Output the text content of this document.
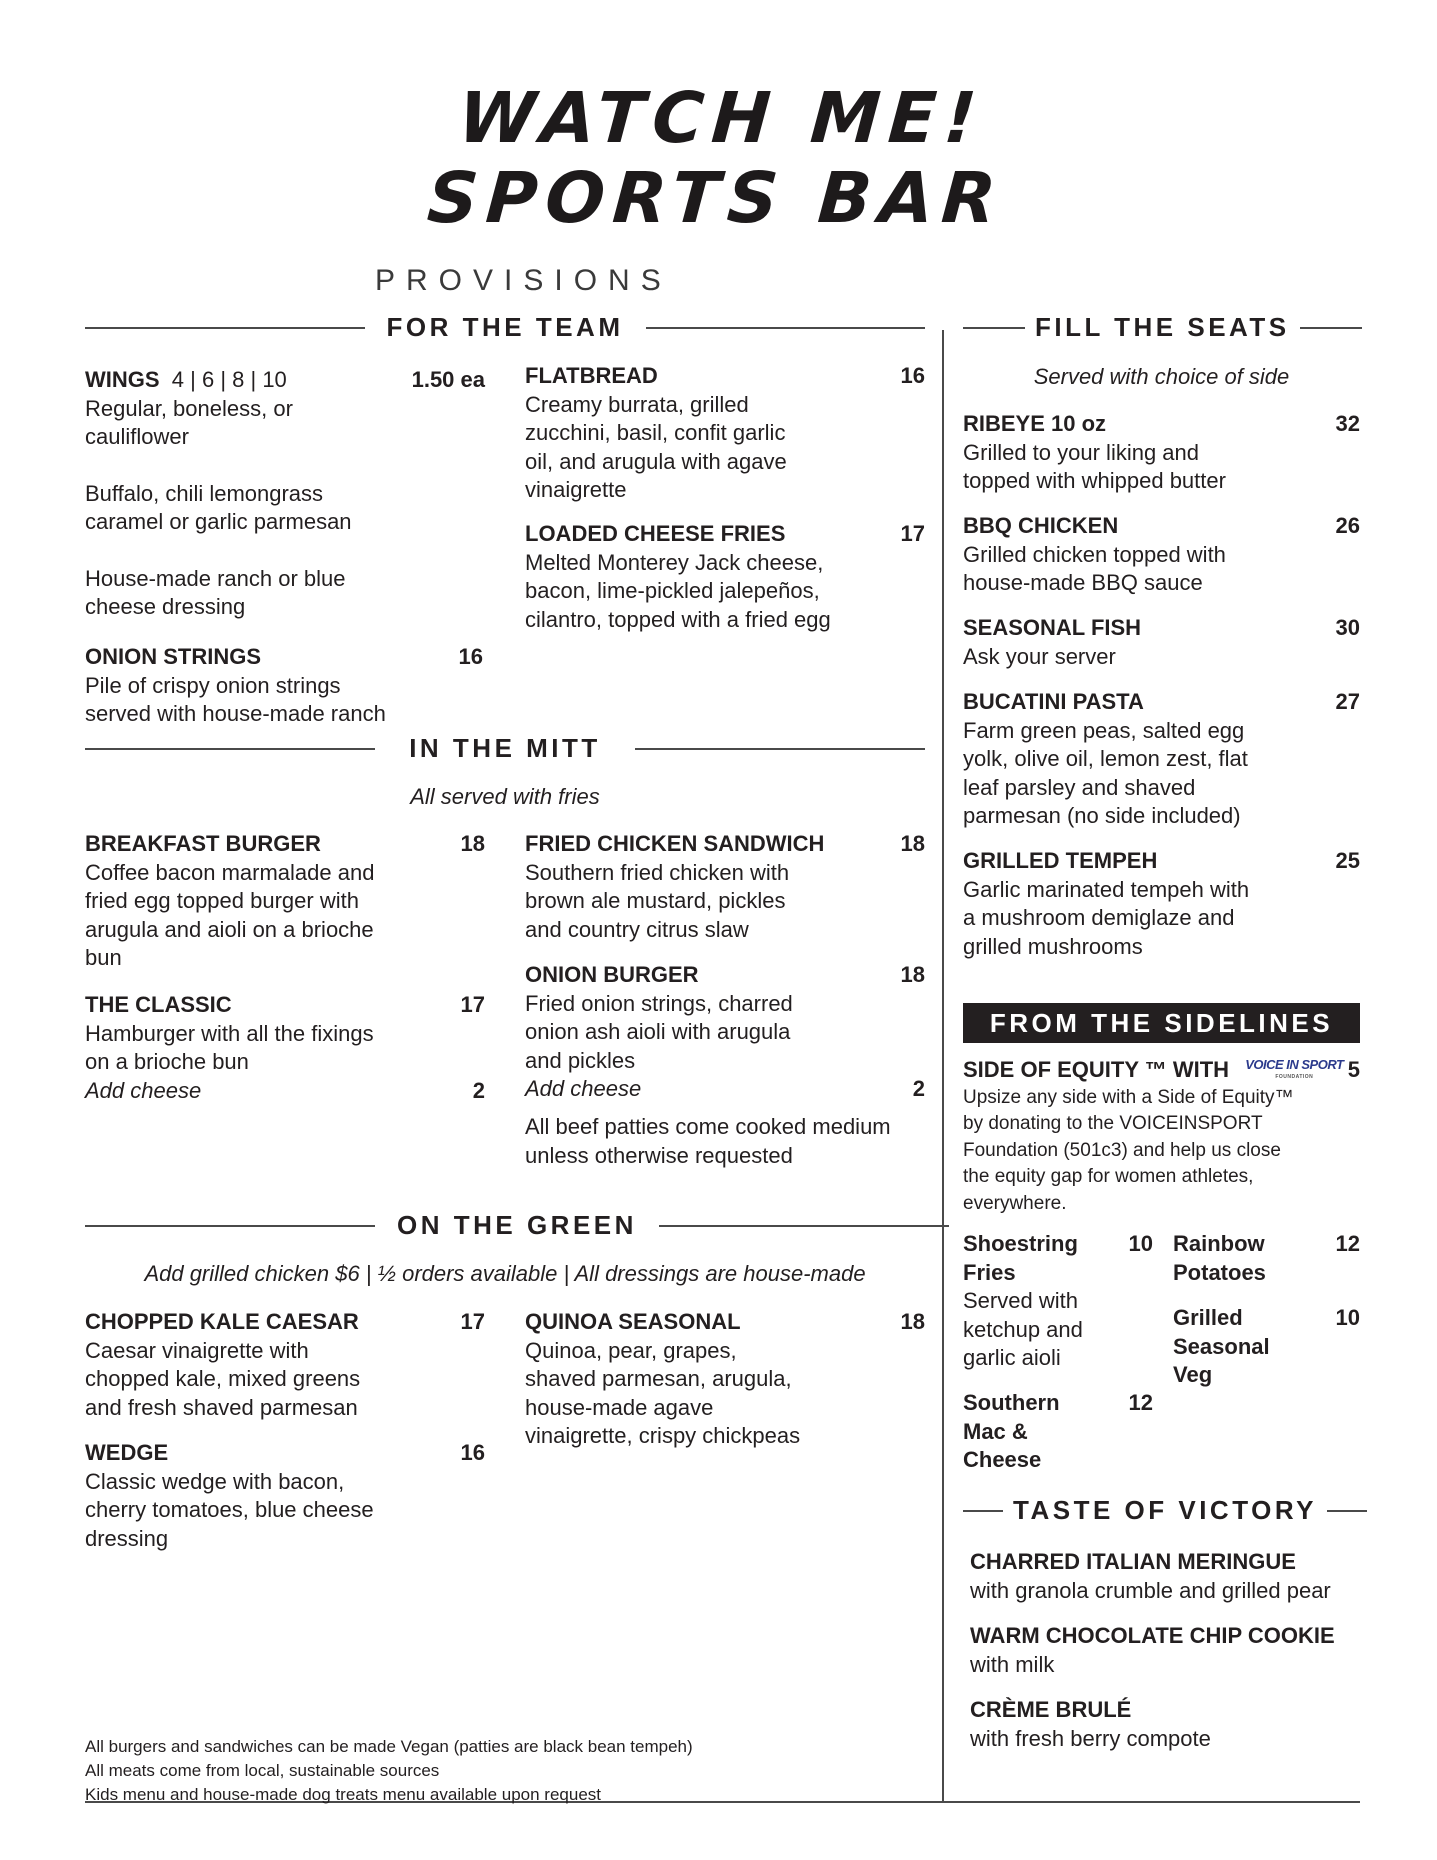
WATCH ME!
SPORTS BAR
PROVISIONS
FOR THE TEAM
WINGS 4 | 6 | 8 | 10	1.50 ea
Regular, boneless, or cauliflower
Buffalo, chili lemongrass caramel or garlic parmesan
House-made ranch or blue cheese dressing
ONION STRINGS	16
Pile of crispy onion strings served with house-made ranch
FLATBREAD	16
Creamy burrata, grilled zucchini, basil, confit garlic oil, and arugula with agave vinaigrette
LOADED CHEESE FRIES	17
Melted Monterey Jack cheese, bacon, lime-pickled jalepeños, cilantro, topped with a fried egg
IN THE MITT
All served with fries
BREAKFAST BURGER	18
Coffee bacon marmalade and fried egg topped burger with arugula and aioli on a brioche bun
THE CLASSIC	17
Hamburger with all the fixings on a brioche bun
Add cheese	2
FRIED CHICKEN SANDWICH	18
Southern fried chicken with brown ale mustard, pickles and country citrus slaw
ONION BURGER	18
Fried onion strings, charred onion ash aioli with arugula and pickles
Add cheese	2
All beef patties come cooked medium unless otherwise requested
ON THE GREEN
Add grilled chicken $6 | ½ orders available | All dressings are house-made
CHOPPED KALE CAESAR	17
Caesar vinaigrette with chopped kale, mixed greens and fresh shaved parmesan
WEDGE	16
Classic wedge with bacon, cherry tomatoes, blue cheese dressing
QUINOA SEASONAL	18
Quinoa, pear, grapes, shaved parmesan, arugula, house-made agave vinaigrette, crispy chickpeas
All burgers and sandwiches can be made Vegan (patties are black bean tempeh)
All meats come from local, sustainable sources
Kids menu and house-made dog treats menu available upon request
FILL THE SEATS
Served with choice of side
RIBEYE 10 oz	32
Grilled to your liking and topped with whipped butter
BBQ CHICKEN	26
Grilled chicken topped with house-made BBQ sauce
SEASONAL FISH	30
Ask your server
BUCATINI PASTA	27
Farm green peas, salted egg yolk, olive oil, lemon zest, flat leaf parsley and shaved parmesan (no side included)
GRILLED TEMPEH	25
Garlic marinated tempeh with a mushroom demiglaze and grilled mushrooms
FROM THE SIDELINES
SIDE OF EQUITY ™ WITH VOICE IN SPORT
FOUNDATION	5
Upsize any side with a Side of Equity™ by donating to the VOICEINSPORT Foundation (501c3) and help us close the equity gap for women athletes, everywhere.
Shoestring Fries
10
Served with ketchup and garlic aioli
Southern Mac & Cheese
12
Rainbow Potatoes
12
Grilled Seasonal Veg
10
TASTE OF VICTORY
CHARRED ITALIAN MERINGUE
with granola crumble and grilled pear
WARM CHOCOLATE CHIP COOKIE
with milk
CRÈME BRULÉ
with fresh berry compote
